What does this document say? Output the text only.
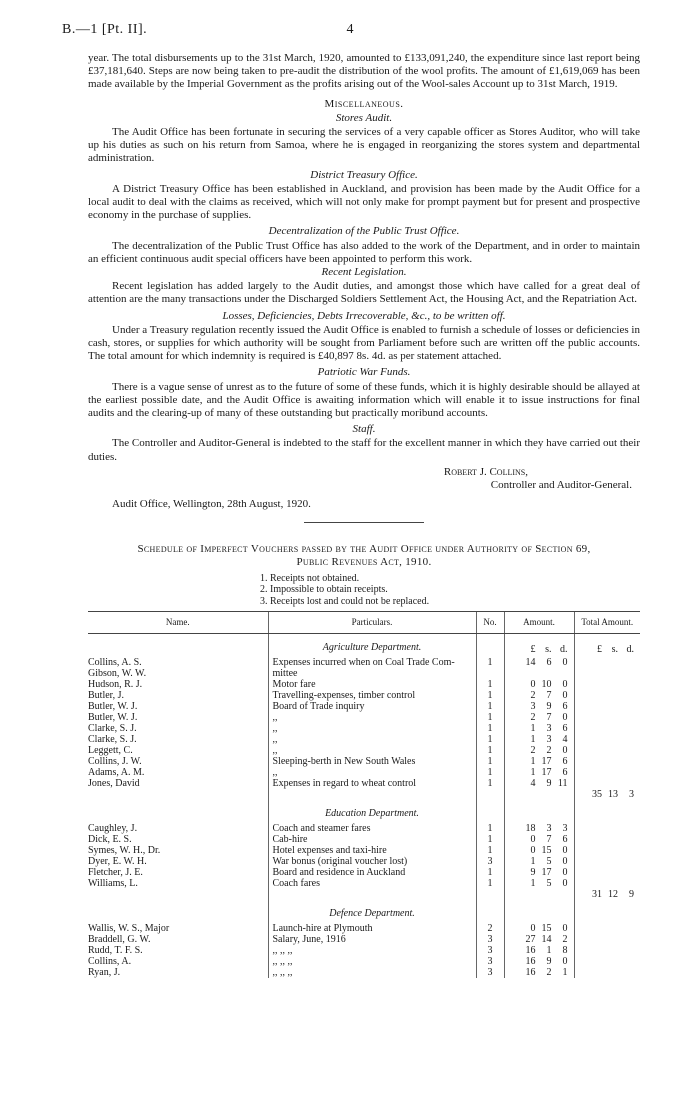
B.—1 [Pt. II].	4

year. The total disbursements up to the 31st March, 1920, amounted to £133,091,240, the expenditure since last report being £37,181,640. Steps are now being taken to pre-audit the distribution of the wool profits. The amount of £1,619,069 has been made available by the Imperial Government as the profits arising out of the Wool-sales Account up to 31st March, 1919.

Miscellaneous.
Stores Audit.

The Audit Office has been fortunate in securing the services of a very capable officer as Stores Auditor, who will take up his duties as such on his return from Samoa, where he is engaged in reorganizing the stores system and departmental administration.

District Treasury Office.

A District Treasury Office has been established in Auckland, and provision has been made by the Audit Office for a local audit to deal with the claims as received, which will not only make for prompt payment but for present and prospective economy in the purchase of supplies.

Decentralization of the Public Trust Office.

The decentralization of the Public Trust Office has also added to the work of the Department, and in order to maintain an efficient continuous audit special officers have been appointed to perform this work.

Recent Legislation.

Recent legislation has added largely to the Audit duties, and amongst those which have called for a great deal of attention are the many transactions under the Discharged Soldiers Settlement Act, the Housing Act, and the Repatriation Act.

Losses, Deficiencies, Debts Irrecoverable, &c., to be written off.

Under a Treasury regulation recently issued the Audit Office is enabled to furnish a schedule of losses or deficiencies in cash, stores, or supplies for which authority will be sought from Parliament before such are written off the public accounts. The total amount for which indemnity is required is £40,897 8s. 4d. as per statement attached.

Patriotic War Funds.

There is a vague sense of unrest as to the future of some of these funds, which it is highly desirable should be allayed at the earliest possible date, and the Audit Office is awaiting information which will enable it to issue instructions for final audits and the clearing-up of many of these outstanding but practically moribund accounts.

Staff.

The Controller and Auditor-General is indebted to the staff for the excellent manner in which they have carried out their duties.

Robert J. Collins,
Controller and Auditor-General.
Audit Office, Wellington, 28th August, 1920.
Schedule of Imperfect Vouchers passed by the Audit Office under Authority of Section 69,
Public Revenues Act, 1910.
1. Receipts not obtained.
2. Impossible to obtain receipts.
3. Receipts lost and could not be replaced.
Name.	Particulars.	No.	Amount.	Total Amount.
	Agriculture Department.		£ s. d.	£ s. d.

Collins, A. S.	Expenses incurred when on Coal Trade Com-	1	14 6 0	

Gibson, W. W.	mittee		

Hudson, R. J.	Motor fare	1	0 10 0	

Butler, J.	Travelling-expenses, timber control	1	2 7 0	

Butler, W. J.	Board of Trade inquiry	1	3 9 6	

Butler, W. J.	,,	1	2 7 0	

Clarke, S. J.	,,	1	1 3 6	

Clarke, S. J.	,,	1	1 3 4	

Leggett, C.	,,	1	2 2 0	

Collins, J. W.	Sleeping-berth in New South Wales	1	1 17 6	

Adams, A. M.	,,	1	1 17 6	

Jones, David	Expenses in regard to wheat control	1	4 9 11	

				35 13 3

	Education Department.			
Caughley, J.	Coach and steamer fares	1	18 3 3	

Dick, E. S.	Cab-hire	1	0 7 6	

Symes, W. H., Dr.	Hotel expenses and taxi-hire	1	0 15 0	

Dyer, E. W. H.	War bonus (original voucher lost)	3	1 5 0	

Fletcher, J. E.	Board and residence in Auckland	1	9 17 0	

Williams, L.	Coach fares	1	1 5 0	

				31 12 9

	Defence Department.			
Wallis, W. S., Major	Launch-hire at Plymouth	2	0 15 0	

Braddell, G. W.	Salary, June, 1916	3	27 14 2	

Rudd, T. F. S.	,, ,, ,,	3	16 1 8	

Collins, A.	,, ,, ,,	3	16 9 0	

Ryan, J.	,, ,, ,,	3	16 2 1	
